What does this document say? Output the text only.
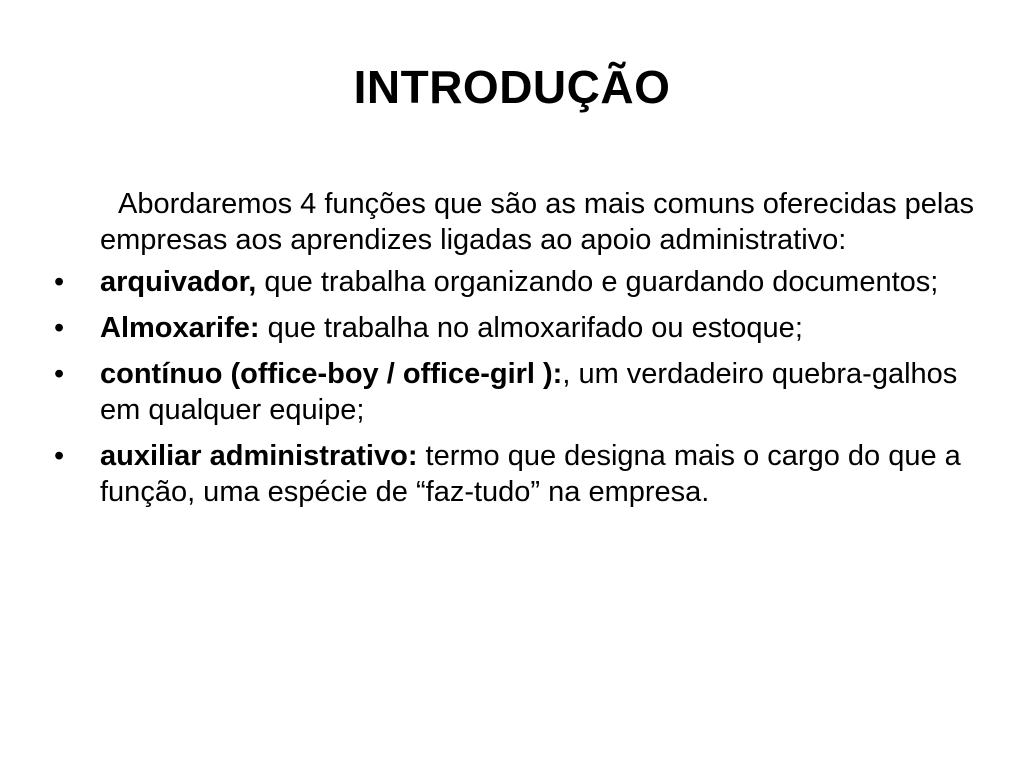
INTRODUÇÃO

Abordaremos 4 funções que são as mais comuns oferecidas pelas empresas aos aprendizes ligadas ao apoio administrativo:

•	arquivador, que trabalha organizando e guardando documentos;
•	Almoxarife: que trabalha no almoxarifado ou estoque;
•	contínuo (office-boy / office-girl ):, um verdadeiro quebra-galhos em qualquer equipe;
•	auxiliar administrativo: termo que designa mais o cargo do que a função, uma espécie de “faz-tudo” na empresa.
